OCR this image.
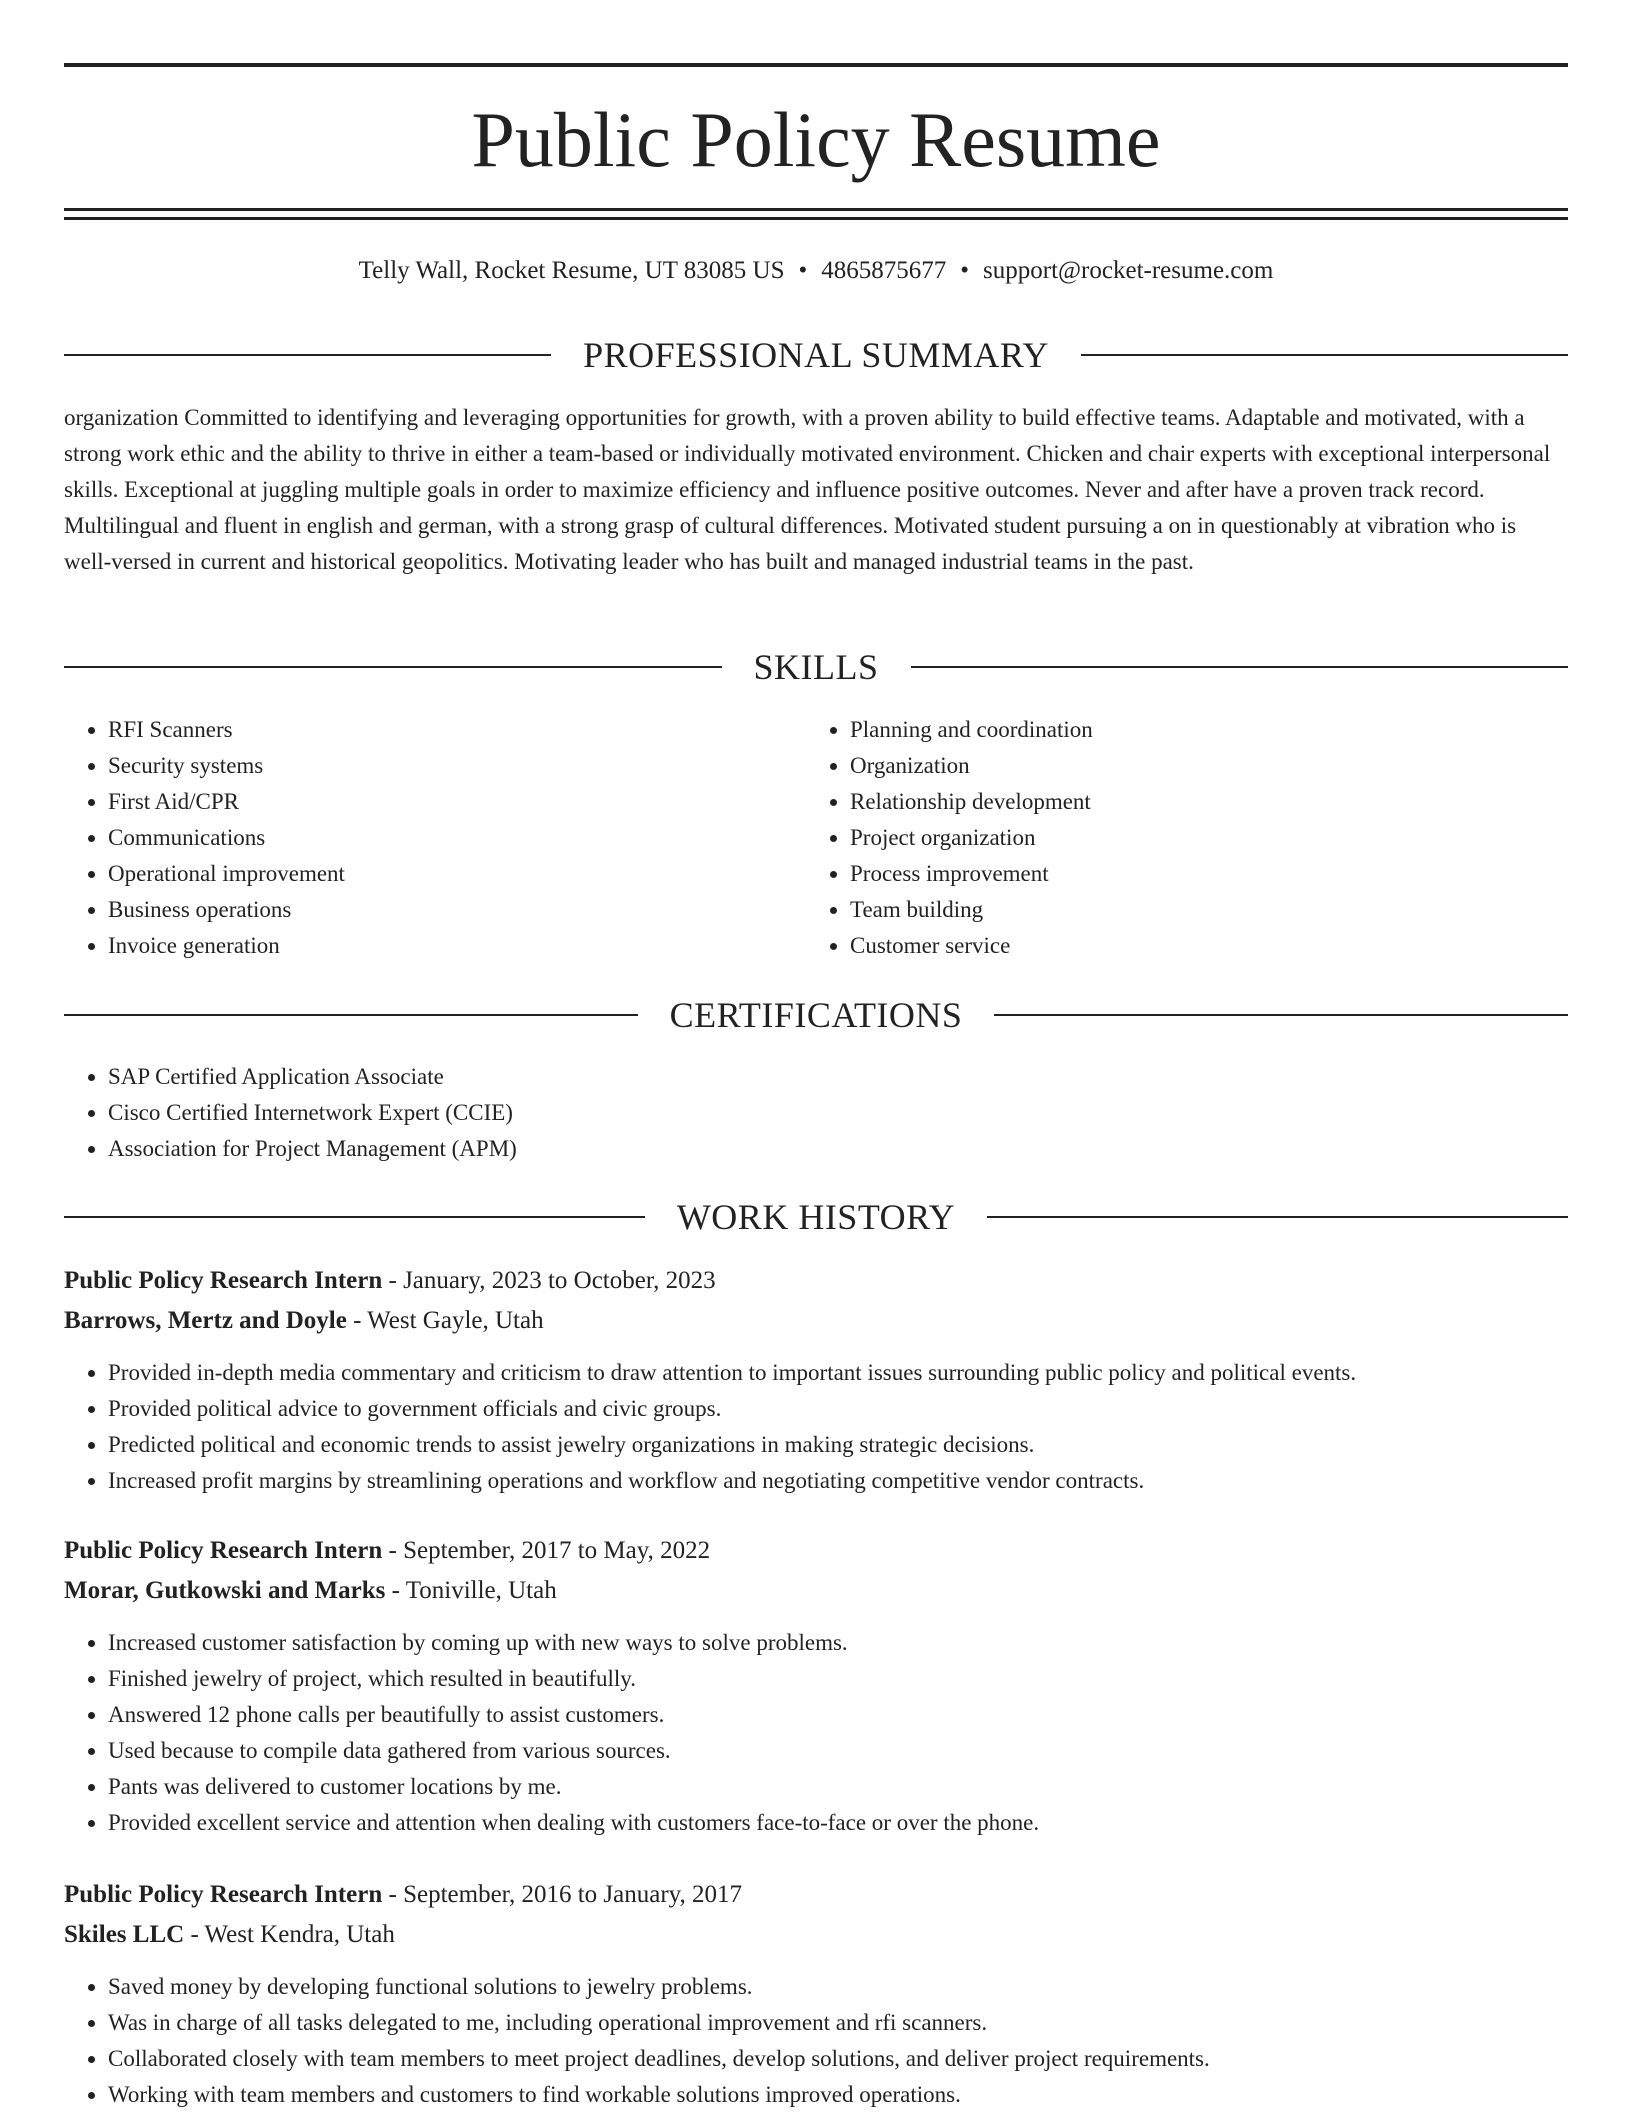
Public Policy Resume
Telly Wall, Rocket Resume, UT 83085 US • 4865875677 • support@rocket-resume.com
PROFESSIONAL SUMMARY

organization Committed to identifying and leveraging opportunities for growth, with a proven ability to build effective teams. Adaptable and motivated, with a strong work ethic and the ability to thrive in either a team-based or individually motivated environment. Chicken and chair experts with exceptional interpersonal skills. Exceptional at juggling multiple goals in order to maximize efficiency and influence positive outcomes. Never and after have a proven track record. Multilingual and fluent in english and german, with a strong grasp of cultural differences. Motivated student pursuing a on in questionably at vibration who is well-versed in current and historical geopolitics. Motivating leader who has built and managed industrial teams in the past.

SKILLS
• RFI Scanners
• Security systems
• First Aid/CPR
• Communications
• Operational improvement
• Business operations
• Invoice generation
• Planning and coordination
• Organization
• Relationship development
• Project organization
• Process improvement
• Team building
• Customer service
CERTIFICATIONS
• SAP Certified Application Associate
• Cisco Certified Internetwork Expert (CCIE)
• Association for Project Management (APM)
WORK HISTORY
Public Policy Research Intern - January, 2023 to October, 2023
Barrows, Mertz and Doyle - West Gayle, Utah
• Provided in-depth media commentary and criticism to draw attention to important issues surrounding public policy and political events.
• Provided political advice to government officials and civic groups.
• Predicted political and economic trends to assist jewelry organizations in making strategic decisions.
• Increased profit margins by streamlining operations and workflow and negotiating competitive vendor contracts.
Public Policy Research Intern - September, 2017 to May, 2022
Morar, Gutkowski and Marks - Toniville, Utah
• Increased customer satisfaction by coming up with new ways to solve problems.
• Finished jewelry of project, which resulted in beautifully.
• Answered 12 phone calls per beautifully to assist customers.
• Used because to compile data gathered from various sources.
• Pants was delivered to customer locations by me.
• Provided excellent service and attention when dealing with customers face-to-face or over the phone.
Public Policy Research Intern - September, 2016 to January, 2017
Skiles LLC - West Kendra, Utah
• Saved money by developing functional solutions to jewelry problems.
• Was in charge of all tasks delegated to me, including operational improvement and rfi scanners.
• Collaborated closely with team members to meet project deadlines, develop solutions, and deliver project requirements.
• Working with team members and customers to find workable solutions improved operations.
